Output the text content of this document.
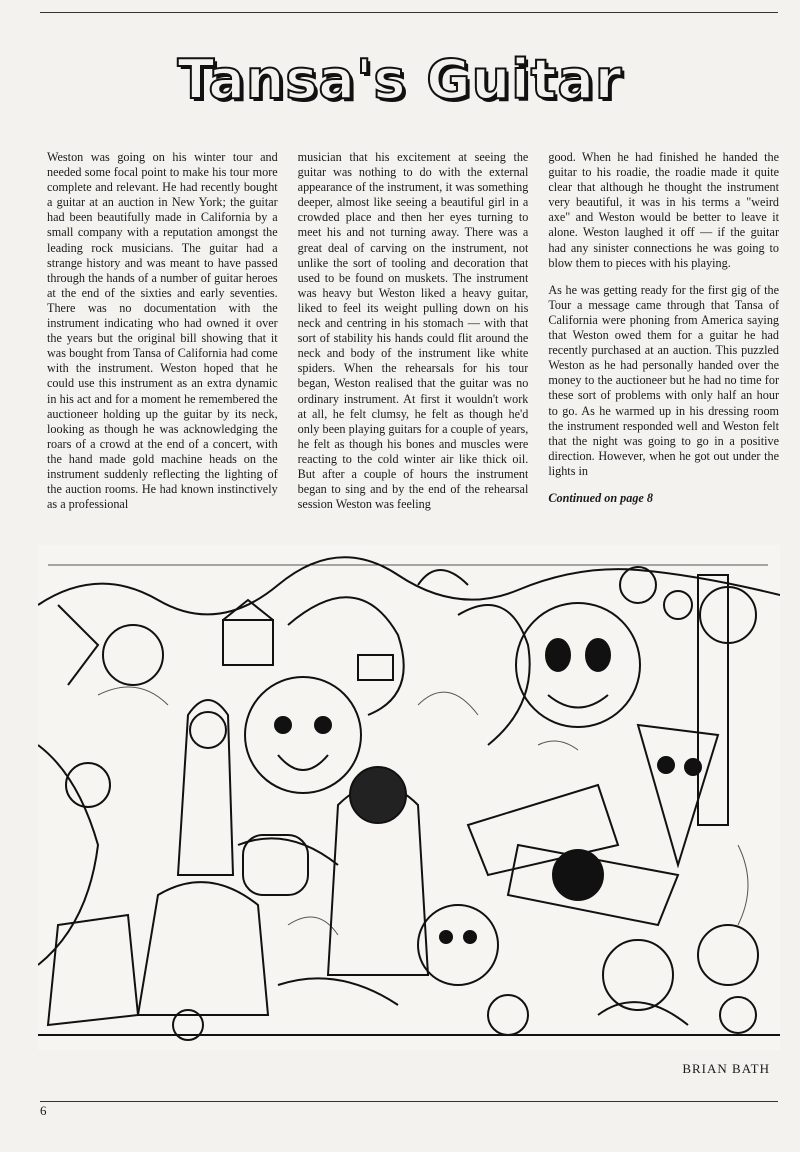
Tansa's Guitar

Weston was going on his winter tour and needed some focal point to make his tour more complete and relevant. He had recently bought a guitar at an auction in New York; the guitar had been beautifully made in California by a small company with a reputation amongst the leading rock musicians. The guitar had a strange history and was meant to have passed through the hands of a number of guitar heroes at the end of the sixties and early seventies. There was no documentation with the instrument indicating who had owned it over the years but the original bill showing that it was bought from Tansa of California had come with the instrument. Weston hoped that he could use this instrument as an extra dynamic in his act and for a moment he remembered the auctioneer holding up the guitar by its neck, looking as though he was acknowledging the roars of a crowd at the end of a concert, with the hand made gold machine heads on the instrument suddenly reflecting the lighting of the auction rooms. He had known instinctively as a professional

musician that his excitement at seeing the guitar was nothing to do with the external appearance of the instrument, it was something deeper, almost like seeing a beautiful girl in a crowded place and then her eyes turning to meet his and not turning away. There was a great deal of carving on the instrument, not unlike the sort of tooling and decoration that used to be found on muskets. The instrument was heavy but Weston liked a heavy guitar, liked to feel its weight pulling down on his neck and centring in his stomach — with that sort of stability his hands could flit around the neck and body of the instrument like white spiders. When the rehearsals for his tour began, Weston realised that the guitar was no ordinary instrument. At first it wouldn't work at all, he felt clumsy, he felt as though he'd only been playing guitars for a couple of years, he felt as though his bones and muscles were reacting to the cold winter air like thick oil. But after a couple of hours the instrument began to sing and by the end of the rehearsal session Weston was feeling

good. When he had finished he handed the guitar to his roadie, the roadie made it quite clear that although he thought the instrument very beautiful, it was in his terms a "weird axe" and Weston would be better to leave it alone. Weston laughed it off — if the guitar had any sinister connections he was going to blow them to pieces with his playing.

As he was getting ready for the first gig of the Tour a message came through that Tansa of California were phoning from America saying that Weston owed them for a guitar he had recently purchased at an auction. This puzzled Weston as he had personally handed over the money to the auctioneer but he had no time for these sort of problems with only half an hour to go. As he warmed up in his dressing room the instrument responded well and Weston felt that the night was going to go in a positive direction. However, when he got out under the lights in

Continued on page 8

BRIAN BATH
6
